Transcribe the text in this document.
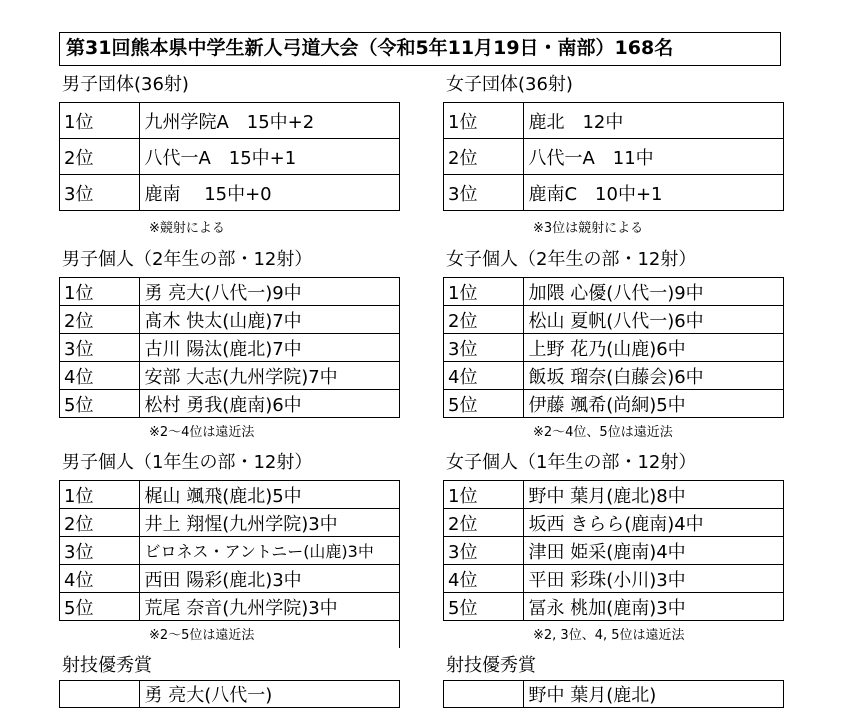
第31回熊本県中学生新人弓道大会（令和5年11月19日・南部）168名
男子団体(36射)
1位	九州学院A　15中+2
2位	八代一A　15中+1
3位	鹿南　 15中+0
※競射による
女子団体(36射)
1位	鹿北　12中
2位	八代一A　11中
3位	鹿南C　10中+1
※3位は競射による
男子個人（2年生の部・12射）
1位	勇 亮大(八代一)9中
2位	髙木 快太(山鹿)7中
3位	古川 陽汰(鹿北)7中
4位	安部 大志(九州学院)7中
5位	松村 勇我(鹿南)6中
※2～4位は遠近法
女子個人（2年生の部・12射）
1位	加隈 心優(八代一)9中
2位	松山 夏帆(八代一)6中
3位	上野 花乃(山鹿)6中
4位	飯坂 瑠奈(白藤会)6中
5位	伊藤 颯希(尚絅)5中
※2～4位、5位は遠近法
男子個人（1年生の部・12射）
1位	梶山 颯飛(鹿北)5中
2位	井上 翔惺(九州学院)3中
3位	ビロネス・アントニー(山鹿)3中
4位	西田 陽彩(鹿北)3中
5位	荒尾 奈音(九州学院)3中
※2～5位は遠近法
女子個人（1年生の部・12射）
1位	野中 葉月(鹿北)8中
2位	坂西 きらら(鹿南)4中
3位	津田 姫采(鹿南)4中
4位	平田 彩珠(小川)3中
5位	冨永 桃加(鹿南)3中
※2, 3位、4, 5位は遠近法
射技優秀賞
	勇 亮大(八代一)
射技優秀賞
	野中 葉月(鹿北)
